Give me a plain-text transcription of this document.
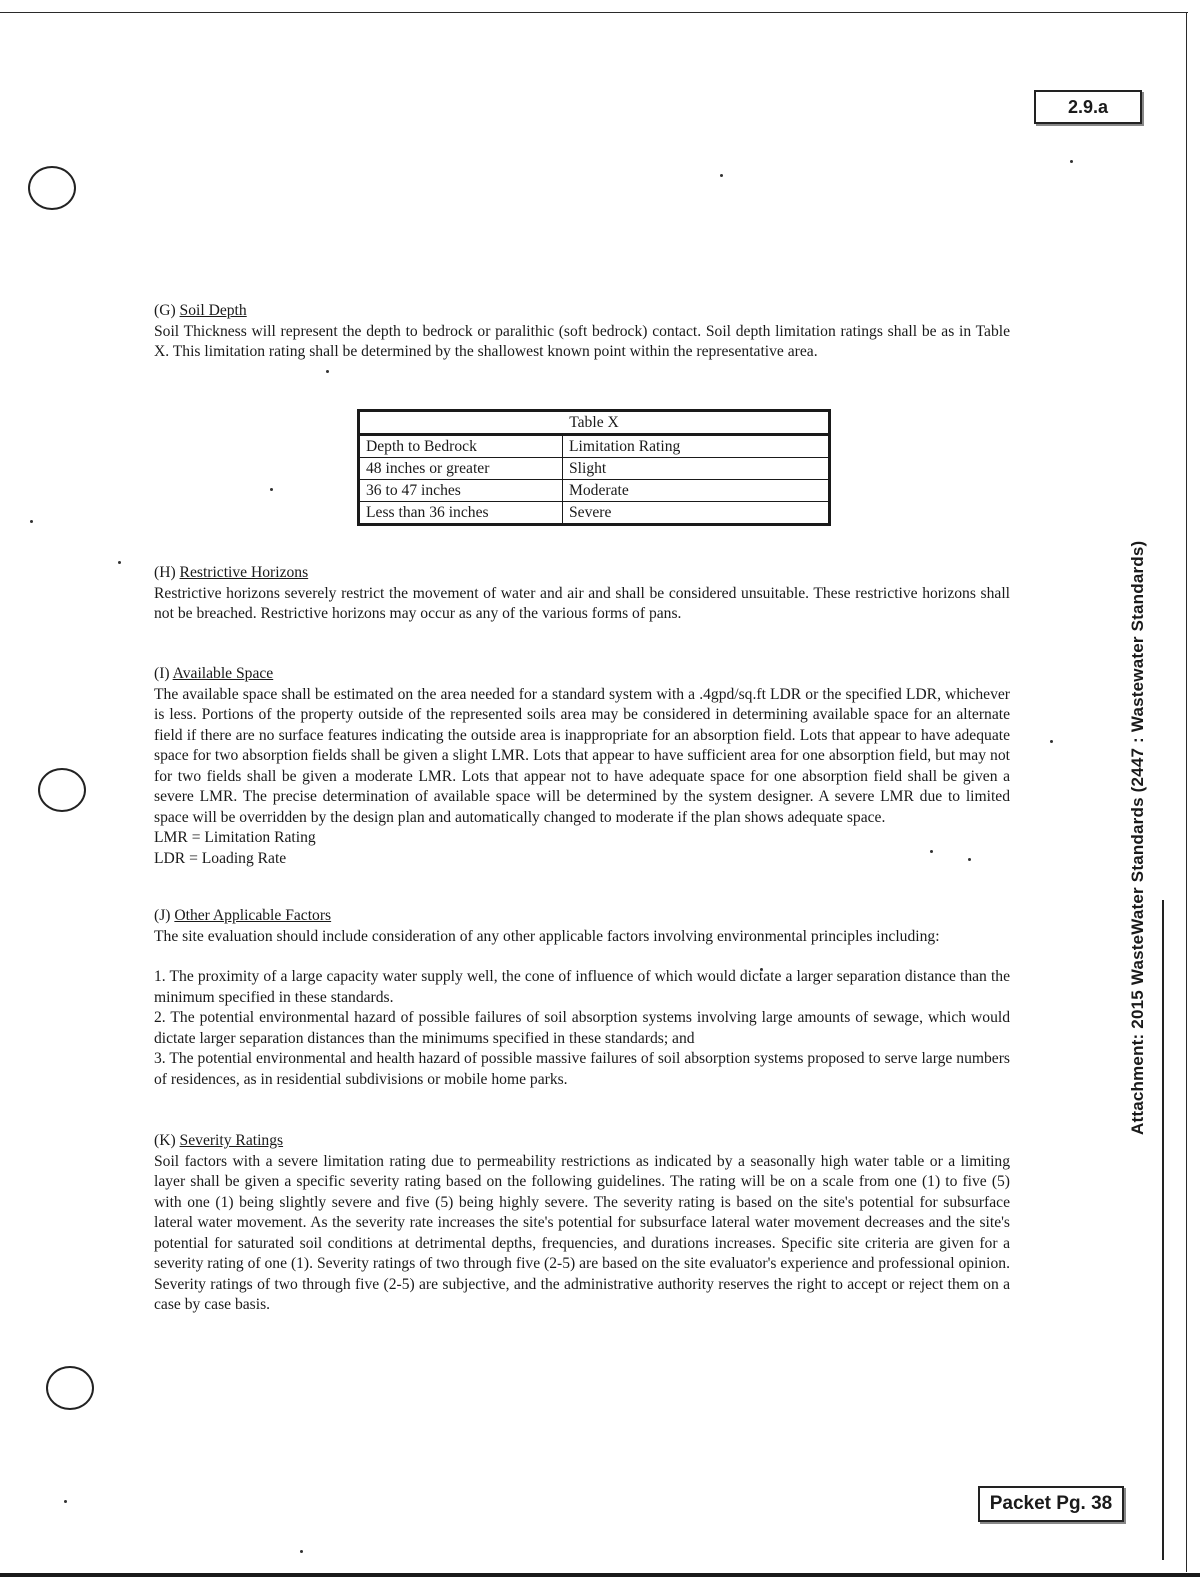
2.9.a
Packet Pg. 38
Attachment: 2015 WasteWater Standards (2447 : Wastewater Standards)
(G) Soil Depth

Soil Thickness will represent the depth to bedrock or paralithic (soft bedrock) contact. Soil depth limitation ratings shall be as in Table X. This limitation rating shall be determined by the shallowest known point within the representative area.

Table X	
Depth to Bedrock	Limitation Rating
48 inches or greater	Slight
36 to 47 inches	Moderate
Less than 36 inches	Severe
(H) Restrictive Horizons

Restrictive horizons severely restrict the movement of water and air and shall be considered unsuitable. These restrictive horizons shall not be breached. Restrictive horizons may occur as any of the various forms of pans.

(I) Available Space

The available space shall be estimated on the area needed for a standard system with a .4gpd/sq.ft LDR or the specified LDR, whichever is less. Portions of the property outside of the represented soils area may be considered in determining available space for an alternate field if there are no surface features indicating the outside area is inappropriate for an absorption field. Lots that appear to have adequate space for two absorption fields shall be given a slight LMR. Lots that appear to have sufficient area for one absorption field, but may not for two fields shall be given a moderate LMR. Lots that appear not to have adequate space for one absorption field shall be given a severe LMR. The precise determination of available space will be determined by the system designer. A severe LMR due to limited space will be overridden by the design plan and automatically changed to moderate if the plan shows adequate space.

LMR = Limitation Rating

LDR = Loading Rate

(J) Other Applicable Factors

The site evaluation should include consideration of any other applicable factors involving environmental principles including:

1. The proximity of a large capacity water supply well, the cone of influence of which would dictate a larger separation distance than the minimum specified in these standards.

2. The potential environmental hazard of possible failures of soil absorption systems involving large amounts of sewage, which would dictate larger separation distances than the minimums specified in these standards; and

3. The potential environmental and health hazard of possible massive failures of soil absorption systems proposed to serve large numbers of residences, as in residential subdivisions or mobile home parks.

(K) Severity Ratings

Soil factors with a severe limitation rating due to permeability restrictions as indicated by a seasonally high water table or a limiting layer shall be given a specific severity rating based on the following guidelines. The rating will be on a scale from one (1) to five (5) with one (1) being slightly severe and five (5) being highly severe. The severity rating is based on the site's potential for subsurface lateral water movement. As the severity rate increases the site's potential for subsurface lateral water movement decreases and the site's potential for saturated soil conditions at detrimental depths, frequencies, and durations increases. Specific site criteria are given for a severity rating of one (1). Severity ratings of two through five (2-5) are based on the site evaluator's experience and professional opinion. Severity ratings of two through five (2-5) are subjective, and the administrative authority reserves the right to accept or reject them on a case by case basis.
